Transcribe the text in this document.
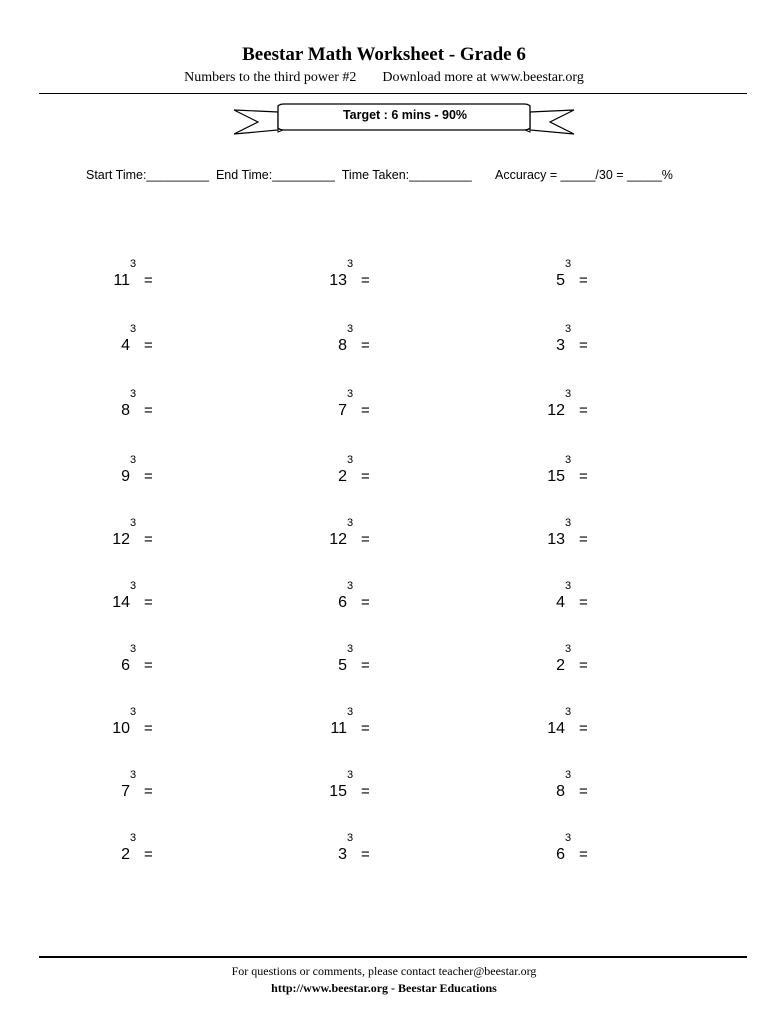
Beestar Math Worksheet - Grade 6
Numbers to the third power #2 Download more at www.beestar.org
Target : 6 mins - 90%
Start Time:_________ End Time:_________ Time Taken:_________ Accuracy = _____/30 = _____%
11
3
=
4
3
=
8
3
=
9
3
=
12
3
=
14
3
=
6
3
=
10
3
=
7
3
=
2
3
=
13
3
=
8
3
=
7
3
=
2
3
=
12
3
=
6
3
=
5
3
=
11
3
=
15
3
=
3
3
=
5
3
=
3
3
=
12
3
=
15
3
=
13
3
=
4
3
=
2
3
=
14
3
=
8
3
=
6
3
=
For questions or comments, please contact teacher@beestar.org
http://www.beestar.org - Beestar Educations
